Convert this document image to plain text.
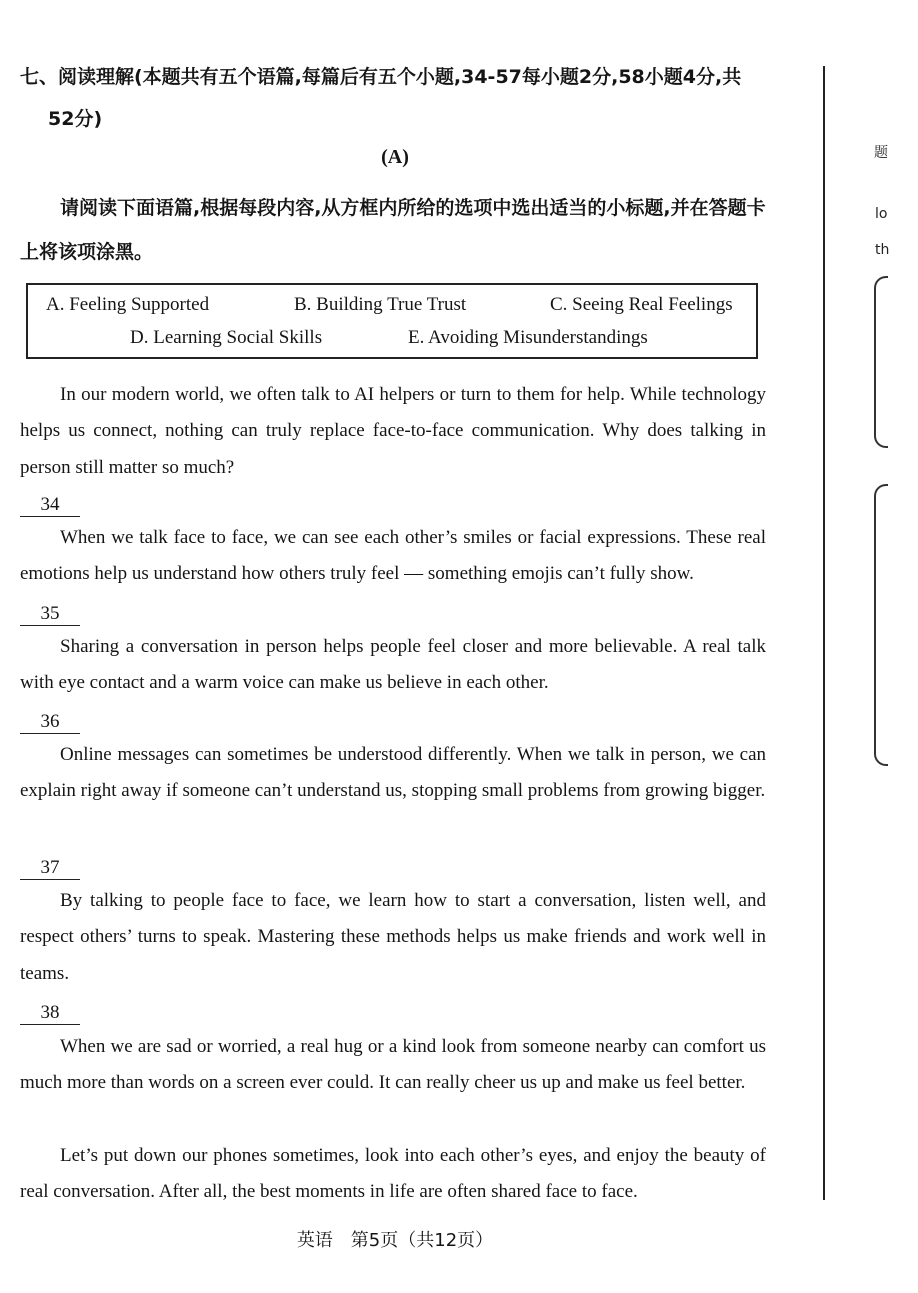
七、阅读理解(本题共有五个语篇,每篇后有五个小题,34-57每小题2分,58小题4分,共
52分)
(A)
请阅读下面语篇,根据每段内容,从方框内所给的选项中选出适当的小标题,并在答题卡上将该项涂黑。
A. Feeling Supported	B. Building True Trust	C. Seeing Real Feelings
D. Learning Social Skills	E. Avoiding Misunderstandings
In our modern world, we often talk to AI helpers or turn to them for help. While technology helps us connect, nothing can truly replace face-to-face communication. Why does talking in person still matter so much?
34
When we talk face to face, we can see each other’s smiles or facial expressions. These real emotions help us understand how others truly feel — something emojis can’t fully show.
35
Sharing a conversation in person helps people feel closer and more believable. A real talk with eye contact and a warm voice can make us believe in each other.
36
Online messages can sometimes be understood differently. When we talk in person, we can explain right away if someone can’t understand us, stopping small problems from growing bigger.
37
By talking to people face to face, we learn how to start a conversation, listen well, and respect others’ turns to speak. Mastering these methods helps us make friends and work well in teams.
38
When we are sad or worried, a real hug or a kind look from someone nearby can comfort us much more than words on a screen ever could. It can really cheer us up and make us feel better.
Let’s put down our phones sometimes, look into each other’s eyes, and enjoy the beauty of real conversation. After all, the best moments in life are often shared face to face.
英语　第5页（共12页）
题
lo
th
